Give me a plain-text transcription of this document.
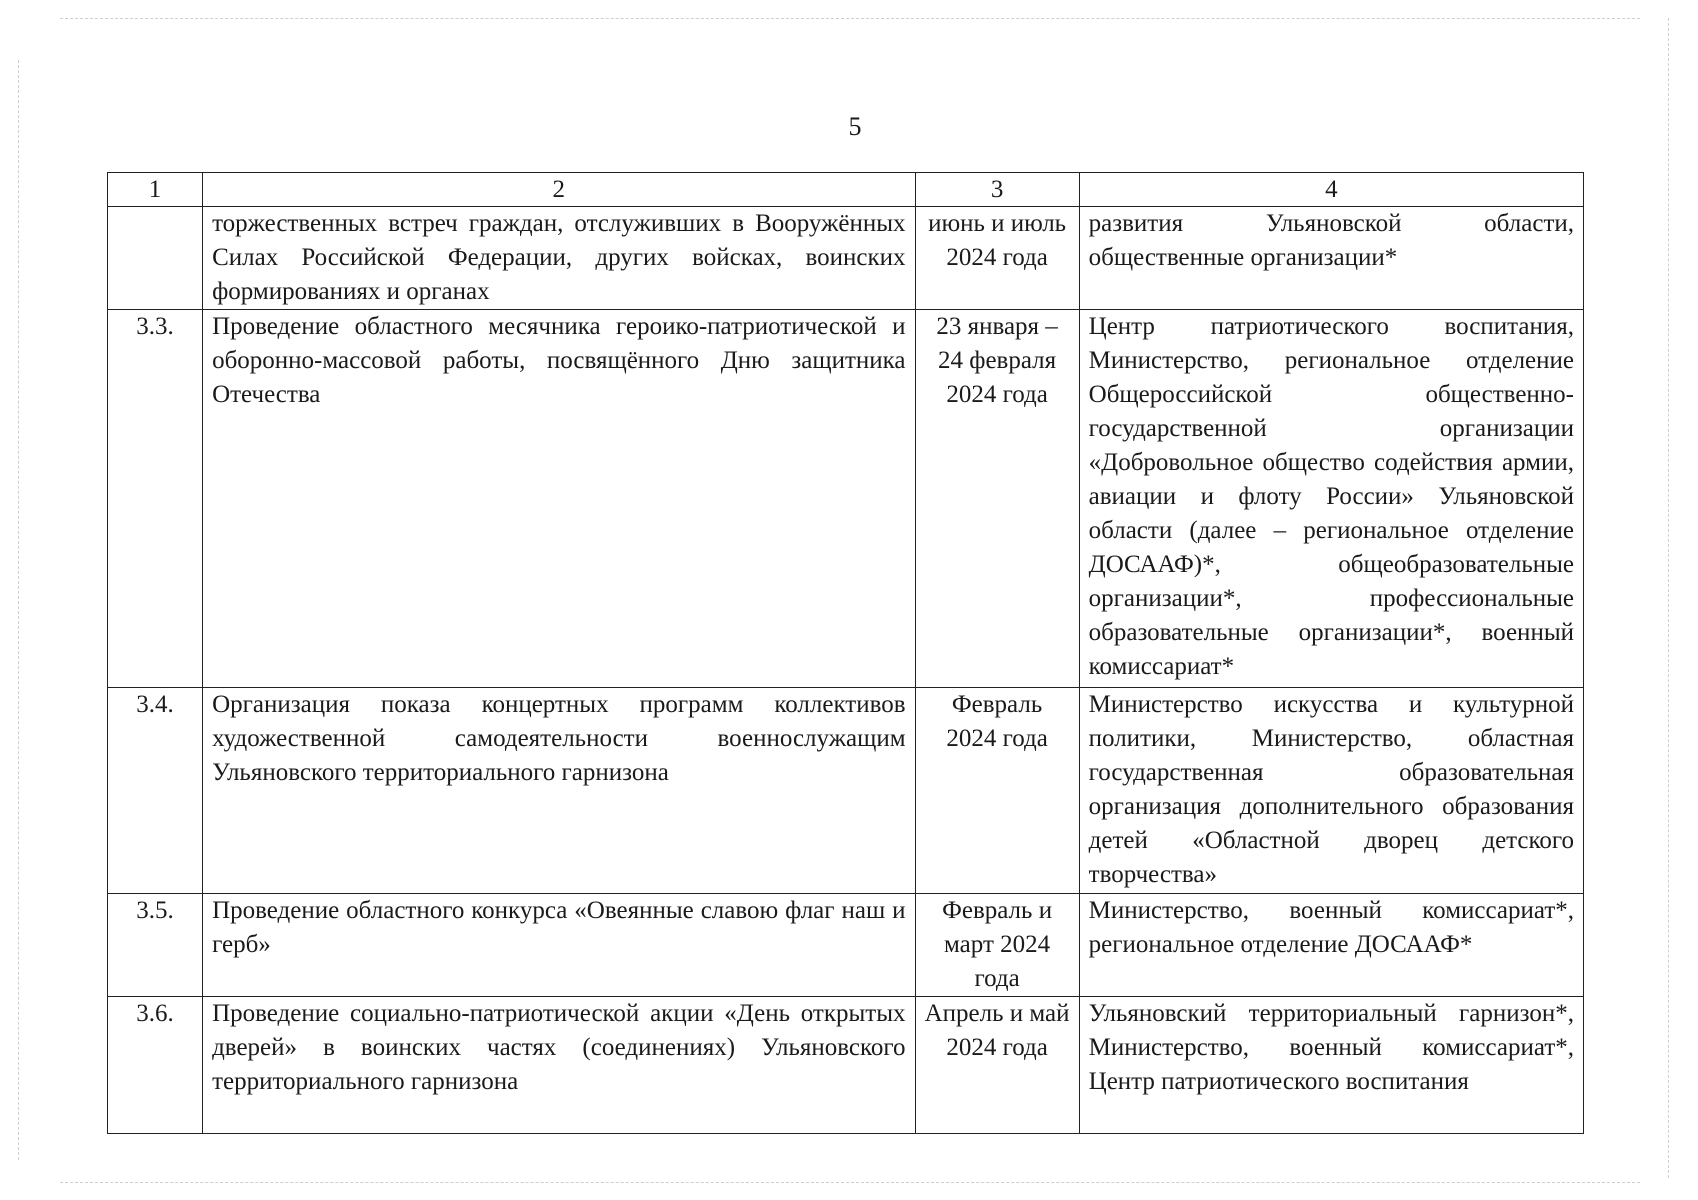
5
1	2	3	4
	торжественных встреч граждан, отслуживших в Вооружённых Силах Российской Федерации, других войсках, воинских формированиях и органах	июнь и июль 2024 года	развития Ульяновской области, общественные организации*
3.3.	Проведение областного месячника героико-патриотической и оборонно-массовой работы, посвящённого Дню защитника Отечества	23 января – 24 февраля 2024 года	Центр патриотического воспитания, Министерство, региональное отделение Общероссийской общественно-государственной организации «Добровольное общество содействия армии, авиации и флоту России» Ульяновской области (далее – региональное отделение ДОСААФ)*, общеобразовательные организации*, профессиональные образовательные организации*, военный комиссариат*
3.4.	Организация показа концертных программ коллективов художественной самодеятельности военнослужащим Ульяновского территориального гарнизона	Февраль 2024 года	Министерство искусства и культурной политики, Министерство, областная государственная образовательная организация дополнительного образования детей «Областной дворец детского творчества»
3.5.	Проведение областного конкурса «Овеянные славою флаг наш и герб»	Февраль и март 2024 года	Министерство, военный комиссариат*, региональное отделение ДОСААФ*
3.6.	Проведение социально-патриотической акции «День открытых дверей» в воинских частях (соединениях) Ульяновского территориального гарнизона	Апрель и май 2024 года	Ульяновский территориальный гарнизон*, Министерство, военный комиссариат*, Центр патриотического воспитания
